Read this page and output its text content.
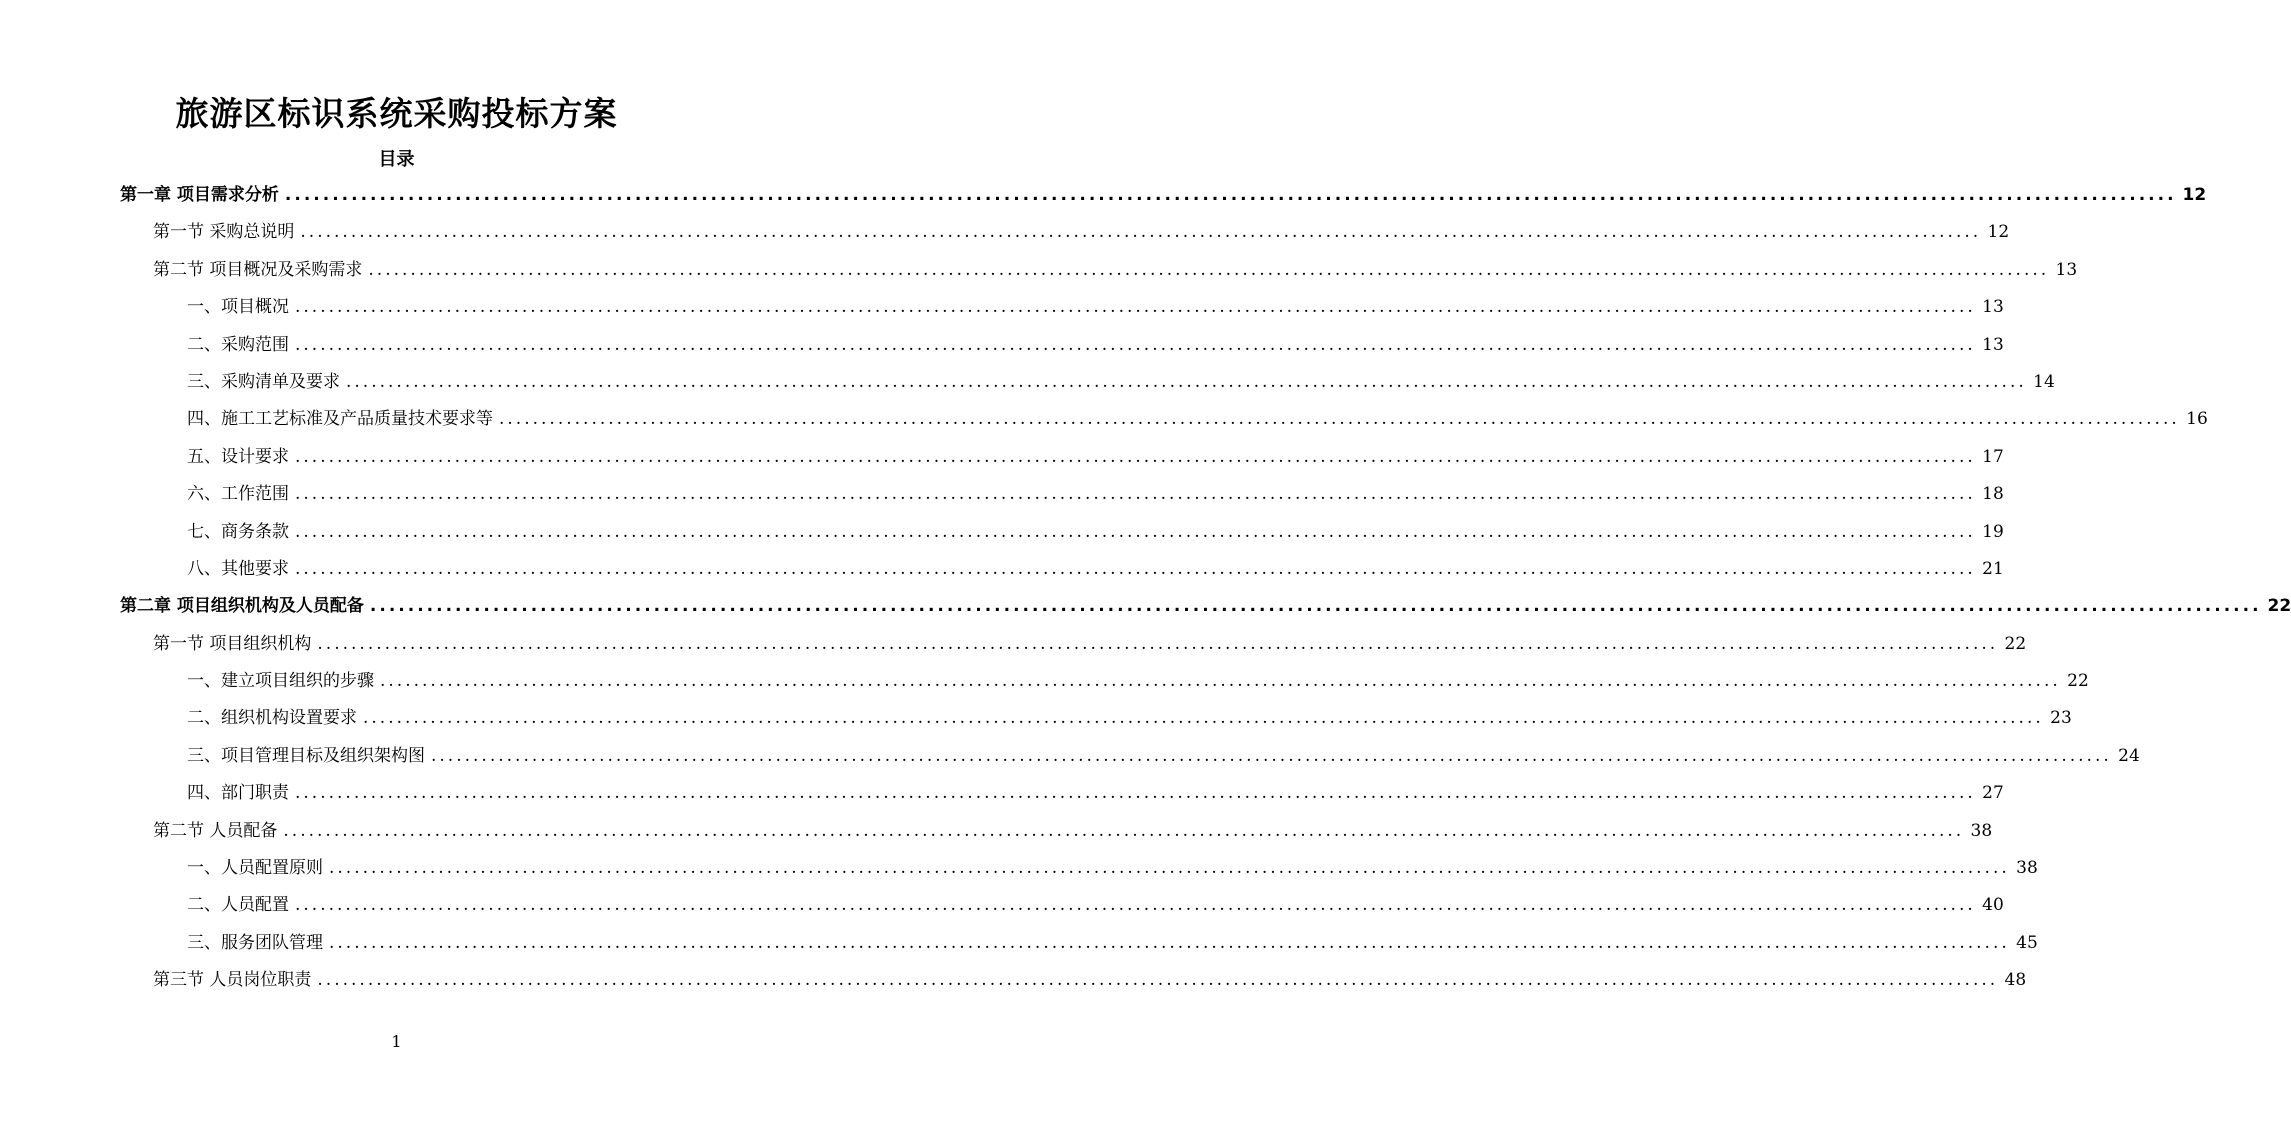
旅游区标识系统采购投标方案
目录
第一章 项目需求分析 ........................................................................................................................................................................................................ 12
第一节 采购总说明 ........................................................................................................................................................................................................ 12
第二节 项目概况及采购需求 ........................................................................................................................................................................................................ 13
一、项目概况 ........................................................................................................................................................................................................ 13
二、采购范围 ........................................................................................................................................................................................................ 13
三、采购清单及要求 ........................................................................................................................................................................................................ 14
四、施工工艺标准及产品质量技术要求等 ........................................................................................................................................................................................................ 16
五、设计要求 ........................................................................................................................................................................................................ 17
六、工作范围 ........................................................................................................................................................................................................ 18
七、商务条款 ........................................................................................................................................................................................................ 19
八、其他要求 ........................................................................................................................................................................................................ 21
第二章 项目组织机构及人员配备 ........................................................................................................................................................................................................ 22
第一节 项目组织机构 ........................................................................................................................................................................................................ 22
一、建立项目组织的步骤 ........................................................................................................................................................................................................ 22
二、组织机构设置要求 ........................................................................................................................................................................................................ 23
三、项目管理目标及组织架构图 ........................................................................................................................................................................................................ 24
四、部门职责 ........................................................................................................................................................................................................ 27
第二节 人员配备 ........................................................................................................................................................................................................ 38
一、人员配置原则 ........................................................................................................................................................................................................ 38
二、人员配置 ........................................................................................................................................................................................................ 40
三、服务团队管理 ........................................................................................................................................................................................................ 45
第三节 人员岗位职责 ........................................................................................................................................................................................................ 48
1
